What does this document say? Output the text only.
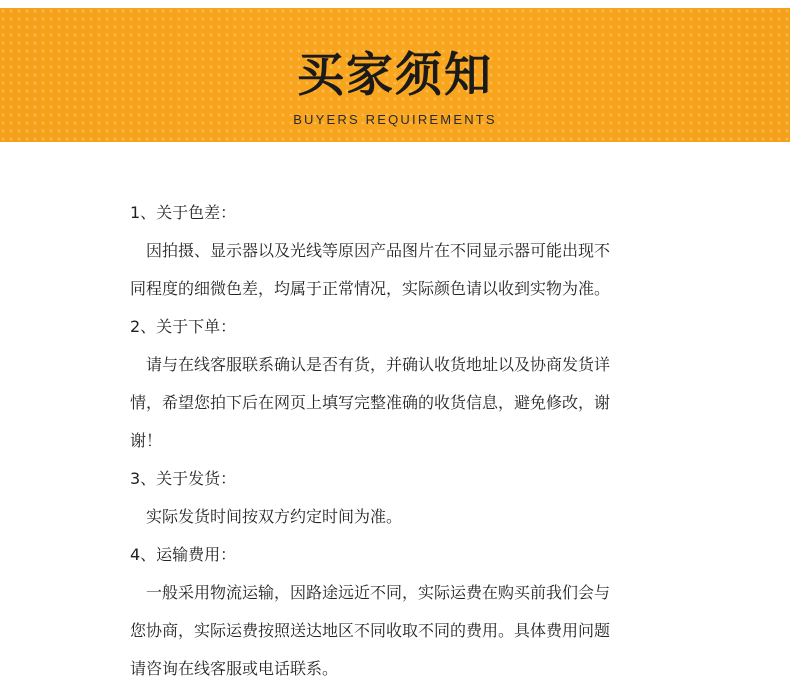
买家须知
BUYERS REQUIREMENTS
1、关于色差：
因拍摄、显示器以及光线等原因产品图片在不同显示器可能出现不
同程度的细微色差，均属于正常情况，实际颜色请以收到实物为准。
2、关于下单：
请与在线客服联系确认是否有货，并确认收货地址以及协商发货详
情，希望您拍下后在网页上填写完整准确的收货信息，避免修改，谢
谢！
3、关于发货：
实际发货时间按双方约定时间为准。
4、运输费用：
一般采用物流运输，因路途远近不同，实际运费在购买前我们会与
您协商，实际运费按照送达地区不同收取不同的费用。具体费用问题
请咨询在线客服或电话联系。
